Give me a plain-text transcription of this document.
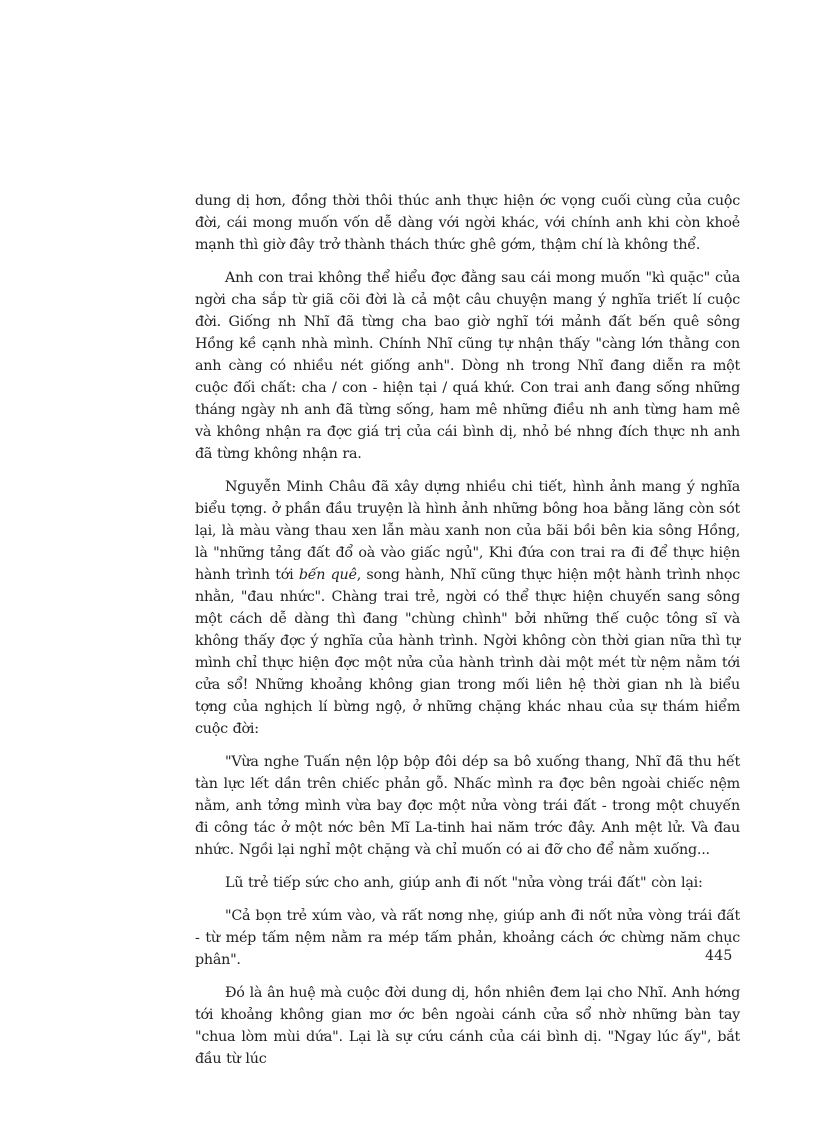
dung dị hơn, đồng thời thôi thúc anh thực hiện ớc vọng cuối cùng của cuộc đời, cái mong muốn vốn dễ dàng với ngời khác, với chính anh khi còn khoẻ mạnh thì giờ đây trở thành thách thức ghê gớm, thậm chí là không thể.

Anh con trai không thể hiểu đợc đằng sau cái mong muốn "kì quặc" của ngời cha sắp từ giã cõi đời là cả một câu chuyện mang ý nghĩa triết lí cuộc đời. Giống nh Nhĩ đã từng cha bao giờ nghĩ tới mảnh đất bến quê sông Hồng kề cạnh nhà mình. Chính Nhĩ cũng tự nhận thấy "càng lớn thằng con anh càng có nhiều nét giống anh". Dòng nh trong Nhĩ đang diễn ra một cuộc đối chất: cha / con - hiện tại / quá khứ. Con trai anh đang sống những tháng ngày nh anh đã từng sống, ham mê những điều nh anh từng ham mê và không nhận ra đợc giá trị của cái bình dị, nhỏ bé nhng đích thực nh anh đã từng không nhận ra.

Nguyễn Minh Châu đã xây dựng nhiều chi tiết, hình ảnh mang ý nghĩa biểu tợng. ở phần đầu truyện là hình ảnh những bông hoa bằng lăng còn sót lại, là màu vàng thau xen lẫn màu xanh non của bãi bồi bên kia sông Hồng, là "những tảng đất đổ oà vào giấc ngủ", Khi đứa con trai ra đi để thực hiện hành trình tới bến quê, song hành, Nhĩ cũng thực hiện một hành trình nhọc nhằn, "đau nhức". Chàng trai trẻ, ngời có thể thực hiện chuyến sang sông một cách dễ dàng thì đang "chùng chình" bởi những thế cuộc tông sĩ và không thấy đợc ý nghĩa của hành trình. Ngời không còn thời gian nữa thì tự mình chỉ thực hiện đợc một nửa của hành trình dài một mét từ nệm nằm tới cửa sổ! Những khoảng không gian trong mối liên hệ thời gian nh là biểu tợng của nghịch lí bừng ngộ, ở những chặng khác nhau của sự thám hiểm cuộc đời:

"Vừa nghe Tuấn nện lộp bộp đôi dép sa bô xuống thang, Nhĩ đã thu hết tàn lực lết dần trên chiếc phản gỗ. Nhấc mình ra đợc bên ngoài chiếc nệm nằm, anh tởng mình vừa bay đợc một nửa vòng trái đất - trong một chuyến đi công tác ở một nớc bên Mĩ La-tinh hai năm trớc đây. Anh mệt lử. Và đau nhức. Ngồi lại nghỉ một chặng và chỉ muốn có ai đỡ cho để nằm xuống...

Lũ trẻ tiếp sức cho anh, giúp anh đi nốt "nửa vòng trái đất" còn lại:

"Cả bọn trẻ xúm vào, và rất nơng nhẹ, giúp anh đi nốt nửa vòng trái đất - từ mép tấm nệm nằm ra mép tấm phản, khoảng cách ớc chừng năm chục phân".

Đó là ân huệ mà cuộc đời dung dị, hồn nhiên đem lại cho Nhĩ. Anh hớng tới khoảng không gian mơ ớc bên ngoài cánh cửa sổ nhờ những bàn tay "chua lòm mùi dứa". Lại là sự cứu cánh của cái bình dị. "Ngay lúc ấy", bắt đầu từ lúc

445
